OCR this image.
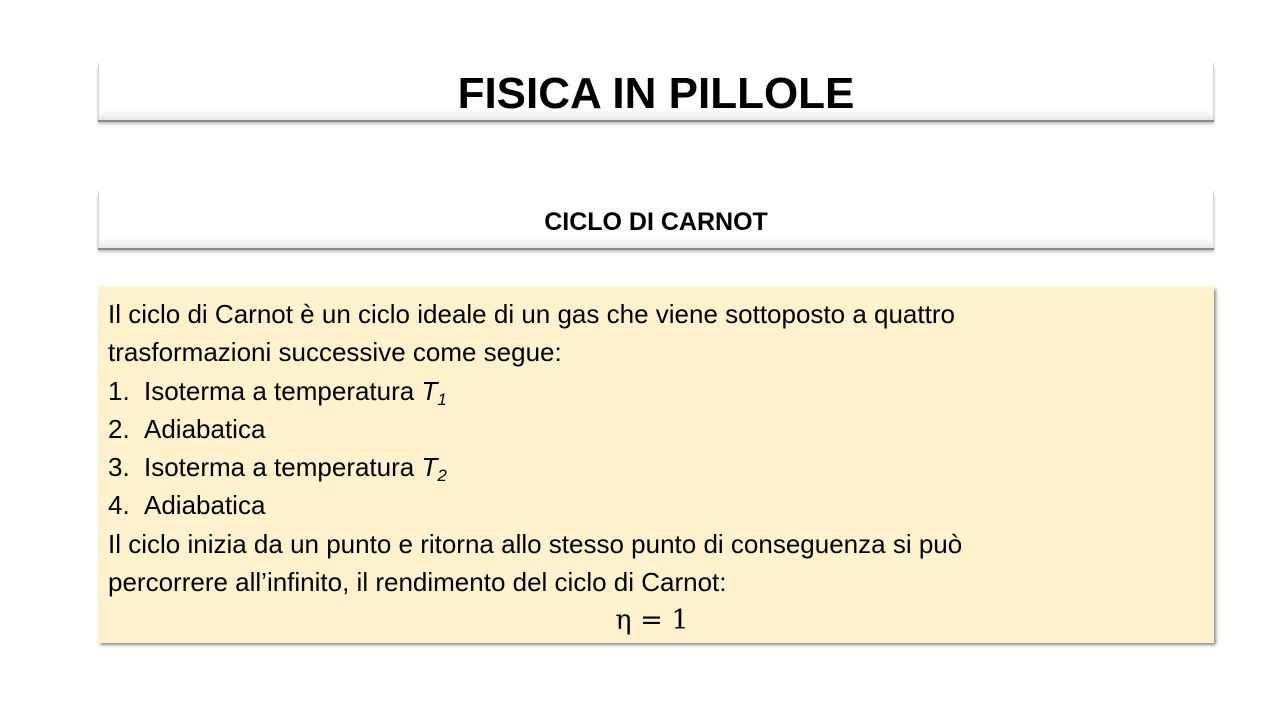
FISICA IN PILLOLE
CICLO DI CARNOT

Il ciclo di Carnot è un ciclo ideale di un gas che viene sottoposto a quattro

trasformazioni successive come segue:

1. Isoterma a temperatura $T_1$
2. Adiabatica
3. Isoterma a temperatura $T_2$
4. Adiabatica

Il ciclo inizia da un punto e ritorna allo stesso punto di conseguenza si può

percorrere all’infinito, il rendimento del ciclo di Carnot:

η = 1
